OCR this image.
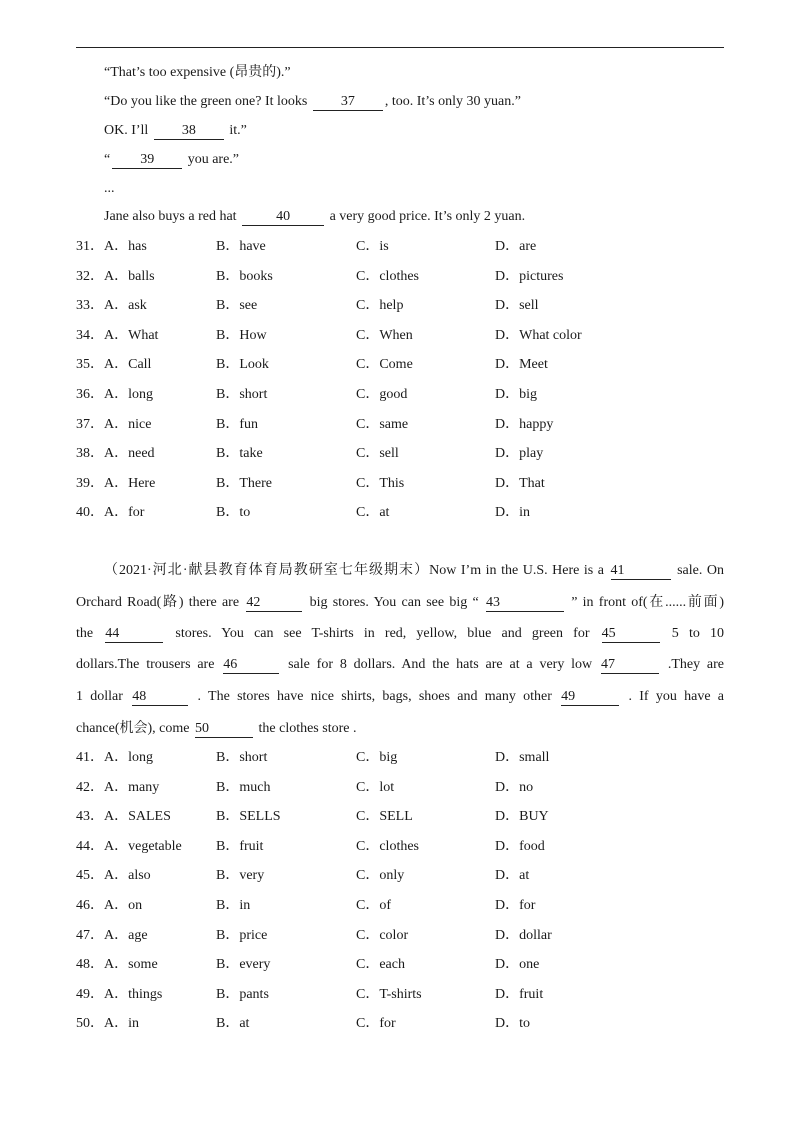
“That’s too expensive (昂贵的).”
“Do you like the green one? It looks 37 , too. It’s only 30 yuan.”
OK. I’ll 38 it.”
“ 39 you are.”
...
Jane also buys a red hat	40	a very good price. It’s only 2 yuan.
31． A．has	B．have	C．is	D．are
32． A．balls	B．books	C．clothes	D．pictures
33． A．ask	B．see	C．help	D．sell
34． A．What	B．How	C．When	D．What color
35． A．Call	B．Look	C．Come	D．Meet
36． A．long	B．short	C．good	D．big
37． A．nice	B．fun	C．same	D．happy
38． A．need	B．take	C．sell	D．play
39． A．Here	B．There	C．This	D．That
40． A．for	B．to	C．at	D．in
（2021·河北·献县教育体育局教研室七年级期末）Now I’m in the U.S. Here is a 41	sale. On
Orchard Road(路) there are 42	big stores. You can see big “ 43	” in front of(在......前面)
the 44	stores. You can see T-shirts in red, yellow, blue and green for 45	5 to 10
dollars.The trousers are 46	sale for 8 dollars. And the hats are at a very low 47	.They are
1 dollar 48	. The stores have nice shirts, bags, shoes and many other 49	. If you have a
chance(机会), come 50	the clothes store .
41． A．long	B．short	C．big	D．small
42． A．many	B．much	C．lot	D．no
43． A．SALES	B．SELLS	C．SELL	D．BUY
44． A．vegetable B．fruit	C．clothes	D．food
45． A．also	B．very	C．only	D．at
46． A．on	B．in	C．of	D．for
47． A．age	B．price	C．color	D．dollar
48． A．some	B．every	C．each	D．one
49． A．things	B．pants	C．T-shirts	D．fruit
50． A．in	B．at	C．for	D．to
